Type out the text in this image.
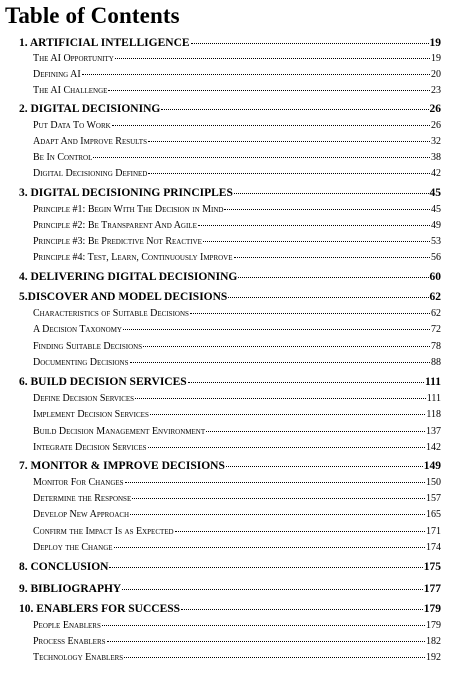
Table of Contents
1. ARTIFICIAL INTELLIGENCE	19
The AI Opportunity	19
Defining AI	20
The AI Challenge	23
2. DIGITAL DECISIONING	26
Put Data To Work	26
Adapt And Improve Results	32
Be In Control	38
Digital Decisioning Defined	42
3. DIGITAL DECISIONING PRINCIPLES	45
Principle #1: Begin With The Decision in Mind	45
Principle #2: Be Transparent And Agile	49
Principle #3: Be Predictive Not Reactive	53
Principle #4: Test, Learn, Continuously Improve	56
4. DELIVERING DIGITAL DECISIONING	60
5.DISCOVER AND MODEL DECISIONS	62
Characteristics of Suitable Decisions	62
A Decision Taxonomy	72
Finding Suitable Decisions	78
Documenting Decisions	88
6. BUILD DECISION SERVICES	111
Define Decision Services	111
Implement Decision Services	118
Build Decision Management Environment	137
Integrate Decision Services	142
7. MONITOR & IMPROVE DECISIONS	149
Monitor For Changes	150
Determine the Response	157
Develop New Approach	165
Confirm the Impact Is as Expected	171
Deploy the Change	174
8. CONCLUSION	175
9. BIBLIOGRAPHY	177
10. ENABLERS FOR SUCCESS	179
People Enablers	179
Process Enablers	182
Technology Enablers	192
